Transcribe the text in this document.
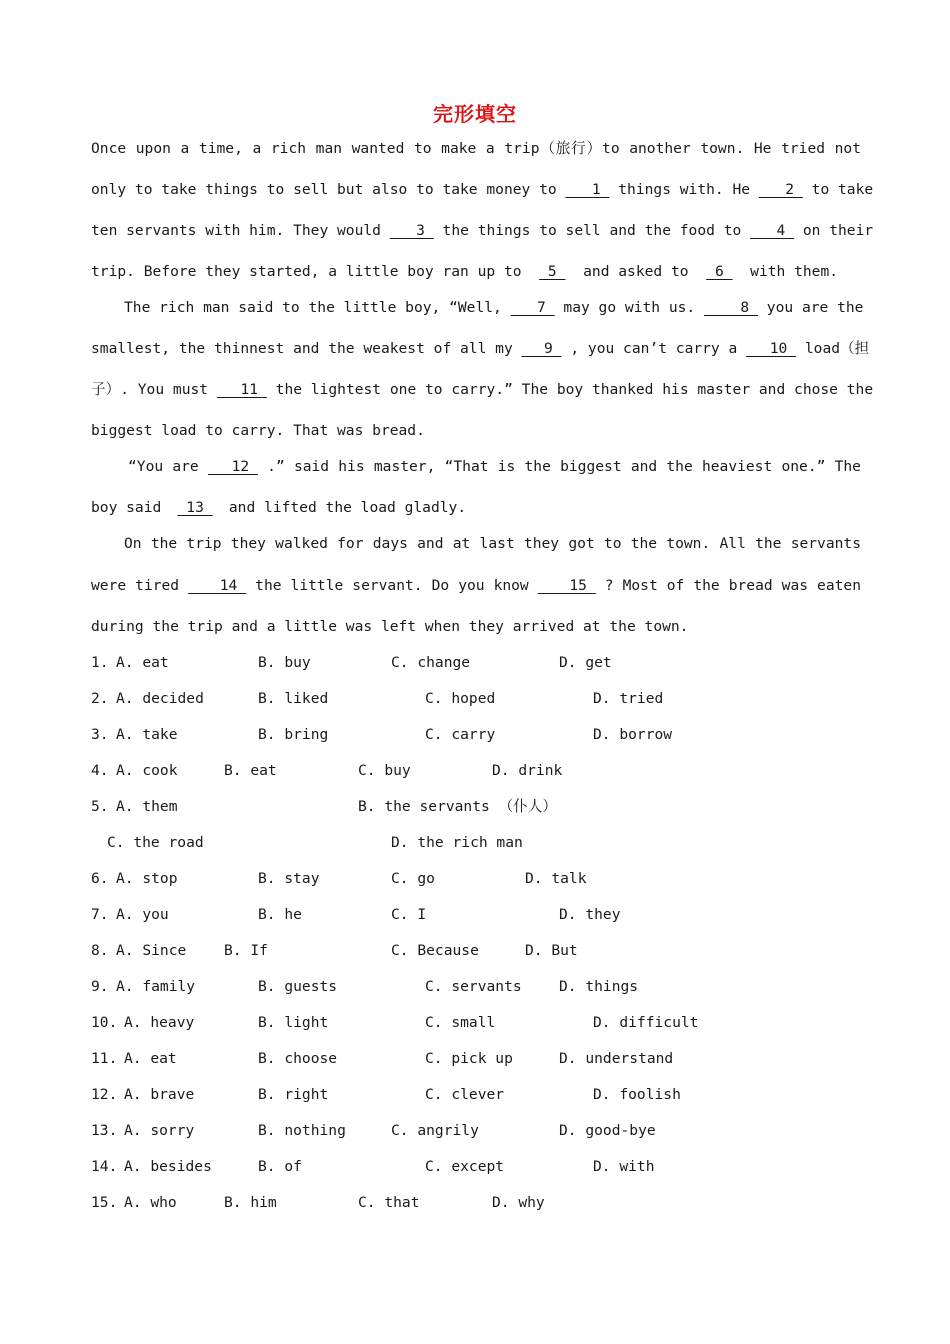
完形填空
Once upon a time, a rich man wanted to make a trip（旅行）to another town. He tried not
only to take things to sell but also to take money to  1  things with. He  2  to take
ten servants with him. They would  3  the things to sell and the food to  4  on their
trip. Before they started, a little boy ran up to  5  and asked to  6  with them.
The rich man said to the little boy, “Well,  7  may go with us.  8  you are the
smallest, the thinnest and the weakest of all my  9  , you can’t carry a  10  load（担
子）. You must  11  the lightest one to carry.” The boy thanked his master and chose the
biggest load to carry. That was bread.
“You are  12  .” said his master, “That is the biggest and the heaviest one.” The
boy said  13  and lifted the load gladly.
On the trip they walked for days and at last they got to the town. All the servants
were tired  14  the little servant. Do you know  15  ? Most of the bread was eaten
during the trip and a little was left when they arrived at the town.
1. A. eat	B. buy	C. change	D. get
2. A. decided	B. liked	C. hoped	D. tried
3. A. take	B. bring	C. carry	D. borrow
4. A. cook	B. eat	C. buy	D. drink
5. A. them	B. the servants （仆人）
C. the road	D. the rich man
6. A. stop	B. stay	C. go	D. talk
7. A. you	B. he	C. I	D. they
8. A. Since	B. If	C. Because	D. But
9. A. family	B. guests	C. servants	D. things
10. A. heavy	B. light	C. small	D. difficult
11. A. eat	B. choose	C. pick up	D. understand
12. A. brave	B. right	C. clever	D. foolish
13. A. sorry	B. nothing	C. angrily	D. good-bye
14. A. besides	B. of	C. except	D. with
15. A. who	B. him	C. that	D. why
